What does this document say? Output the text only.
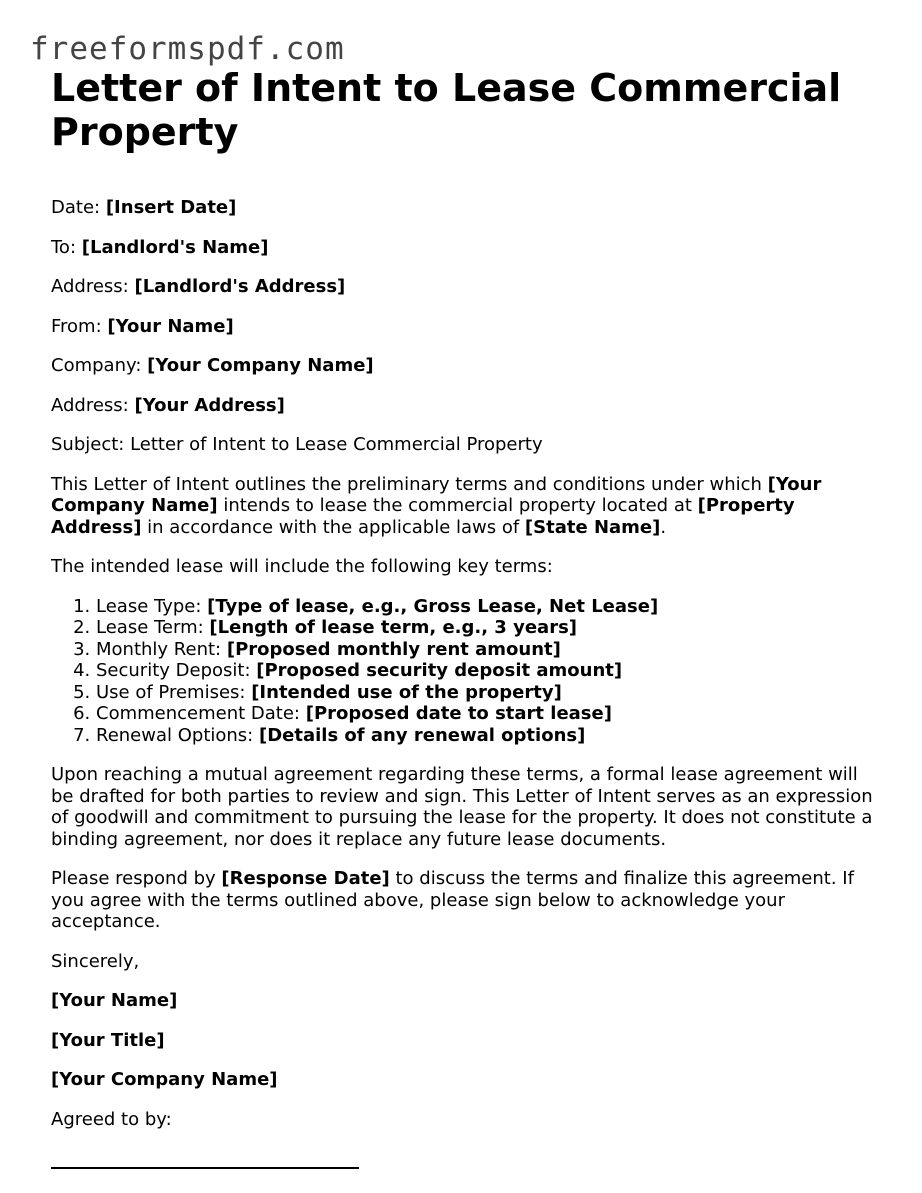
freeformspdf.com
Letter of Intent to Lease Commercial Property

Date: [Insert Date]

To: [Landlord's Name]

Address: [Landlord's Address]

From: [Your Name]

Company: [Your Company Name]

Address: [Your Address]

Subject: Letter of Intent to Lease Commercial Property

This Letter of Intent outlines the preliminary terms and conditions under which [Your Company Name] intends to lease the commercial property located at [Property Address] in accordance with the applicable laws of [State Name].

The intended lease will include the following key terms:

1. Lease Type: [Type of lease, e.g., Gross Lease, Net Lease]
2. Lease Term: [Length of lease term, e.g., 3 years]
3. Monthly Rent: [Proposed monthly rent amount]
4. Security Deposit: [Proposed security deposit amount]
5. Use of Premises: [Intended use of the property]
6. Commencement Date: [Proposed date to start lease]
7. Renewal Options: [Details of any renewal options]

Upon reaching a mutual agreement regarding these terms, a formal lease agreement will be drafted for both parties to review and sign. This Letter of Intent serves as an expression of goodwill and commitment to pursuing the lease for the property. It does not constitute a binding agreement, nor does it replace any future lease documents.

Please respond by [Response Date] to discuss the terms and finalize this agreement. If you agree with the terms outlined above, please sign below to acknowledge your acceptance.

Sincerely,

[Your Name]

[Your Title]

[Your Company Name]

Agreed to by:
